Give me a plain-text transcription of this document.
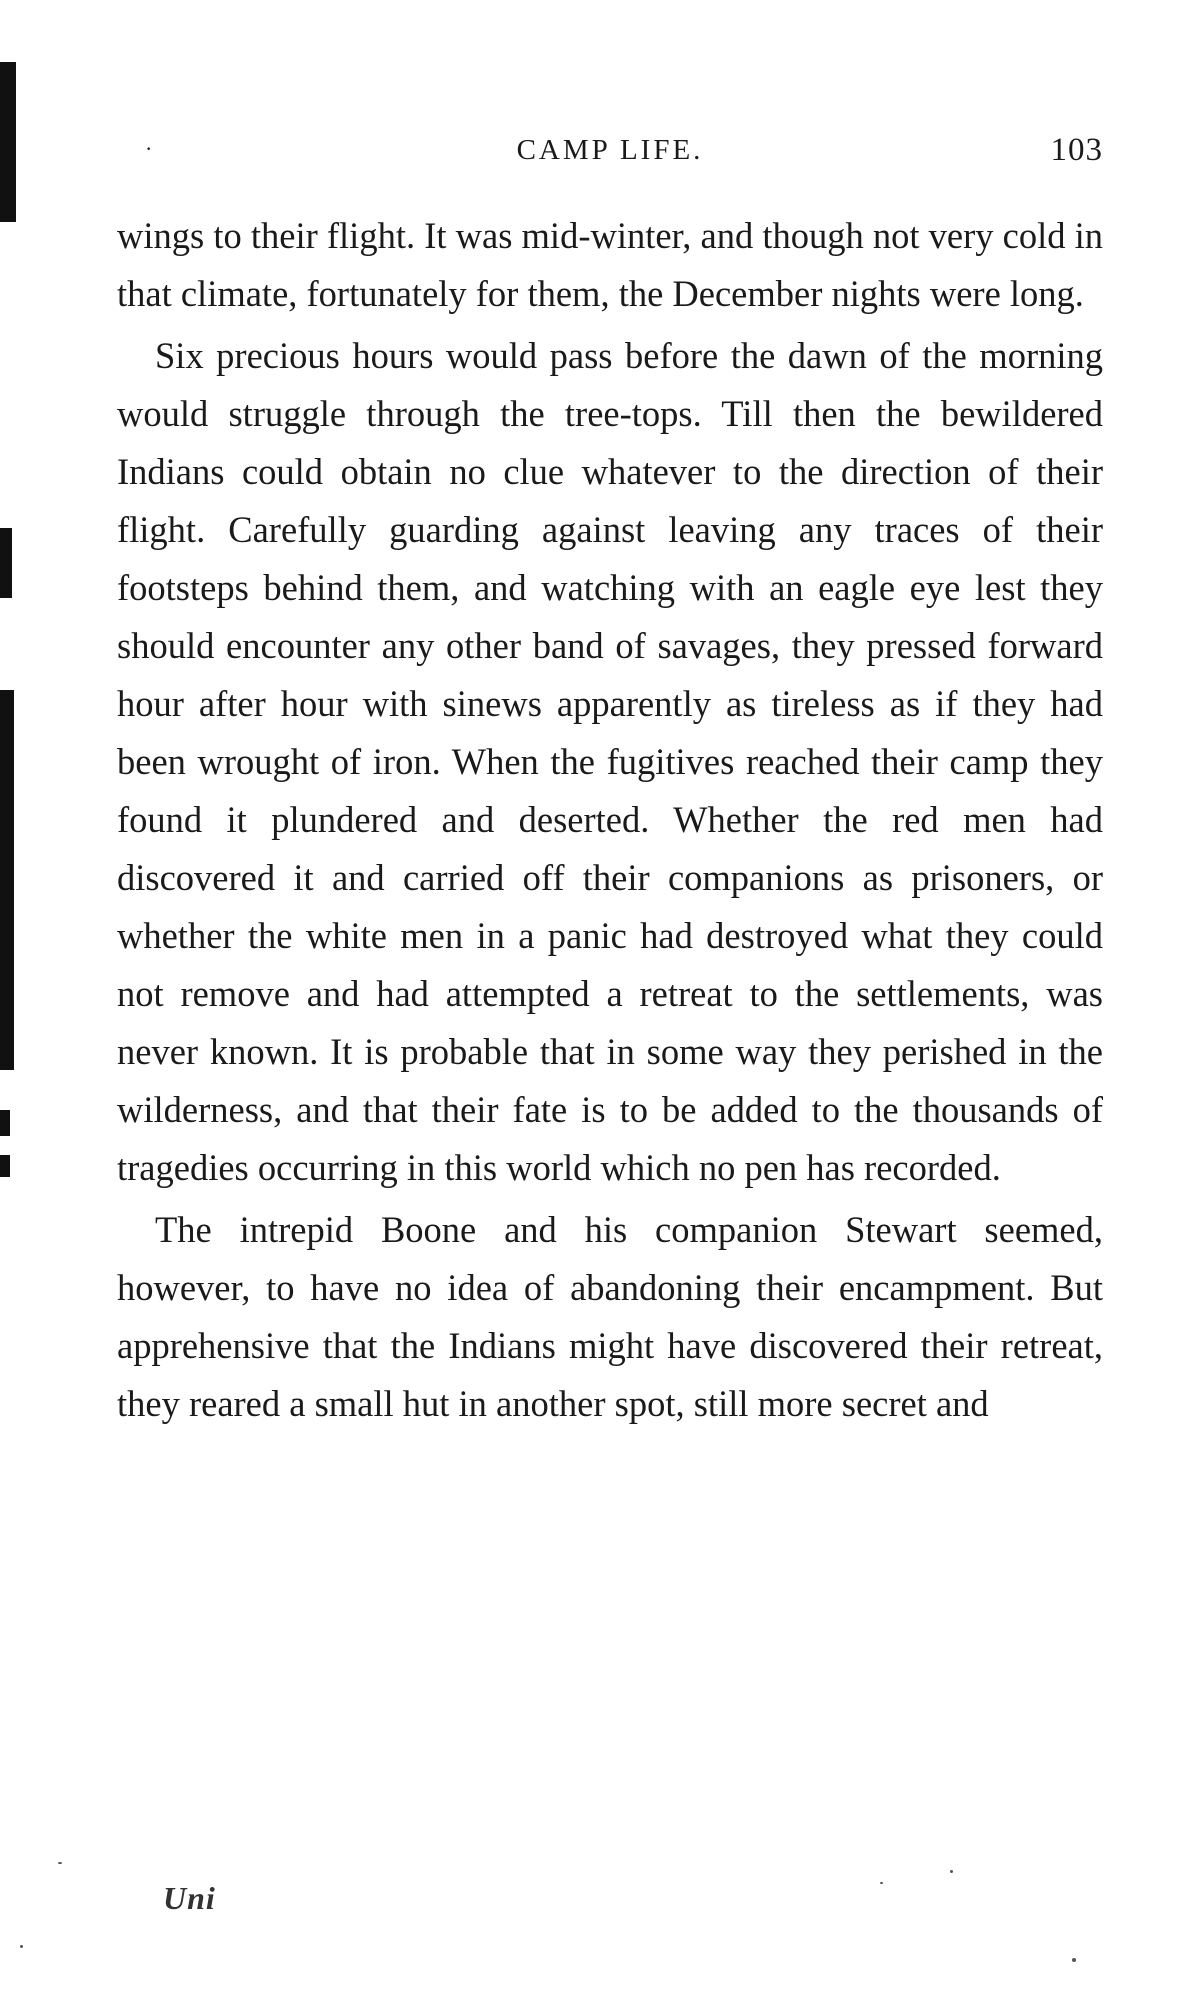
·	CAMP LIFE.	103

wings to their flight. It was mid-winter, and though not very cold in that climate, fortunately for them, the December nights were long.

Six precious hours would pass before the dawn of the morning would struggle through the tree-tops. Till then the bewildered Indians could obtain no clue whatever to the direction of their flight. Carefully guarding against leaving any traces of their footsteps behind them, and watching with an eagle eye lest they should encounter any other band of savages, they pressed forward hour after hour with sinews apparently as tireless as if they had been wrought of iron. When the fugitives reached their camp they found it plundered and deserted. Whether the red men had discovered it and carried off their companions as prisoners, or whether the white men in a panic had destroyed what they could not remove and had attempted a retreat to the settlements, was never known. It is probable that in some way they perished in the wilderness, and that their fate is to be added to the thousands of tragedies occurring in this world which no pen has recorded.

The intrepid Boone and his companion Stewart seemed, however, to have no idea of abandoning their encampment. But apprehensive that the Indians might have discovered their retreat, they reared a small hut in another spot, still more secret and

Uni
